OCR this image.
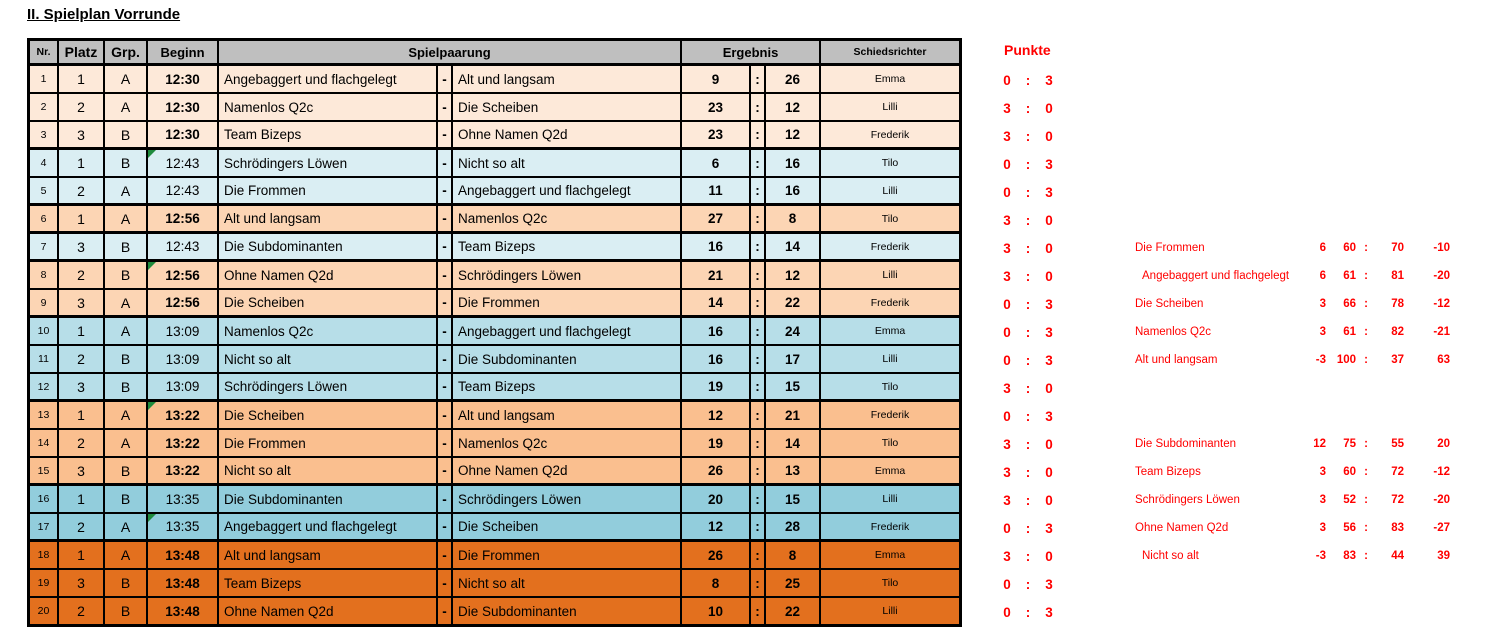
II. Spielplan Vorrunde
Nr.	Platz Grp.	Beginn	Spielpaarung	Ergebnis	Schiedsrichter
1 1	A	12:30 Angebaggert und flachgelegt	- Alt und langsam	9	: 26	Emma
2 2	A	12:30 Namenlos Q2c	- Die Scheiben	23 : 12	Lilli
3 3	B	12:30 Team Bizeps	- Ohne Namen Q2d	23 : 12	Frederik
4 1	B	12:43 Schrödingers Löwen	- Nicht so alt	6	: 16	Tilo
5 2	A	12:43 Die Frommen	- Angebaggert und flachgelegt	11 : 16	Lilli
6 1	A	12:56 Alt und langsam	- Namenlos Q2c	27 : 8	Tilo
7 3	B	12:43 Die Subdominanten	- Team Bizeps	16 : 14	Frederik
8 2	B	12:56 Ohne Namen Q2d	- Schrödingers Löwen	21 : 12	Lilli
9 3	A	12:56 Die Scheiben	- Die Frommen	14 : 22	Frederik
10 1	A	13:09 Namenlos Q2c	- Angebaggert und flachgelegt	16 : 24	Emma
11 2	B	13:09 Nicht so alt	- Die Subdominanten	16 : 17	Lilli
12 3	B	13:09 Schrödingers Löwen	- Team Bizeps	19 : 15	Tilo
13 1	A	13:22 Die Scheiben	- Alt und langsam	12 : 21	Frederik
14 2	A	13:22 Die Frommen	- Namenlos Q2c	19 : 14	Tilo
15 3	B	13:22 Nicht so alt	- Ohne Namen Q2d	26 : 13	Emma
16 1	B	13:35 Die Subdominanten	- Schrödingers Löwen	20 : 15	Lilli
17 2	A	13:35 Angebaggert und flachgelegt	- Die Scheiben	12 : 28	Frederik
18 1	A	13:48 Alt und langsam	- Die Frommen	26 : 8	Emma
19 3	B	13:48 Team Bizeps	- Nicht so alt	8	: 25	Tilo
20 2	B	13:48 Ohne Namen Q2d	- Die Subdominanten	10 : 22	Lilli
Punkte
0	:	3
3	:	0
3	:	0
0	:	3
0	:	3
3	:	0
3	:	0
3	:	0
0	:	3
0	:	3
0	:	3
3	:	0
0	:	3
3	:	0
3	:	0
3	:	0
0	:	3
3	:	0
0	:	3
0	:	3
Die Frommen	6	60 :	70	-10
Angebaggert und flachgelegt	6	61 :	81	-20
Die Scheiben	3	66 :	78	-12
Namenlos Q2c	3	61 :	82	-21
Alt und langsam	-3 100 :	37	63
Die Subdominanten	12	75 :	55	20
Team Bizeps	3	60 :	72	-12
Schrödingers Löwen	3	52 :	72	-20
Ohne Namen Q2d	3	56 :	83	-27
Nicht so alt	-3	83 :	44	39
